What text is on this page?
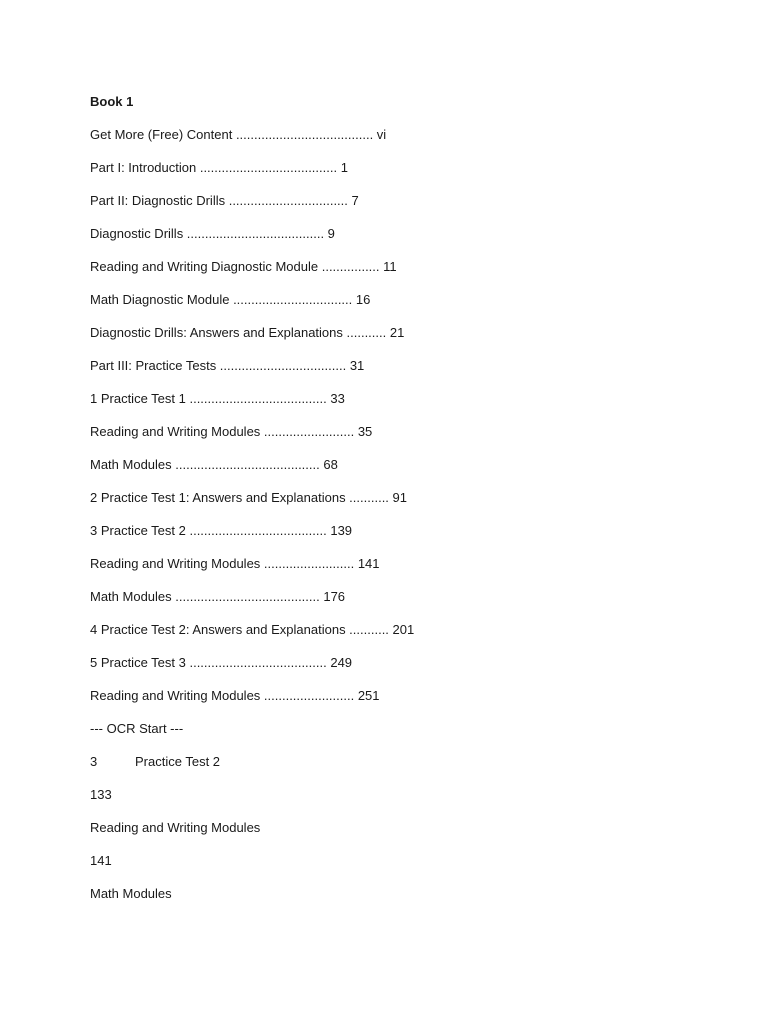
Book 1
Get More (Free) Content ...................................... vi
Part I: Introduction ...................................... 1
Part II: Diagnostic Drills ................................. 7
Diagnostic Drills ...................................... 9
Reading and Writing Diagnostic Module ................ 11
Math Diagnostic Module ................................. 16
Diagnostic Drills: Answers and Explanations ........... 21
Part III: Practice Tests ................................... 31
1 Practice Test 1 ...................................... 33
Reading and Writing Modules ......................... 35
Math Modules ........................................ 68
2 Practice Test 1: Answers and Explanations ........... 91
3 Practice Test 2 ...................................... 139
Reading and Writing Modules ......................... 141
Math Modules ........................................ 176
4 Practice Test 2: Answers and Explanations ........... 201
5 Practice Test 3 ...................................... 249
Reading and Writing Modules ......................... 251
--- OCR Start ---
3	Practice Test 2
133
Reading and Writing Modules
141
Math Modules
